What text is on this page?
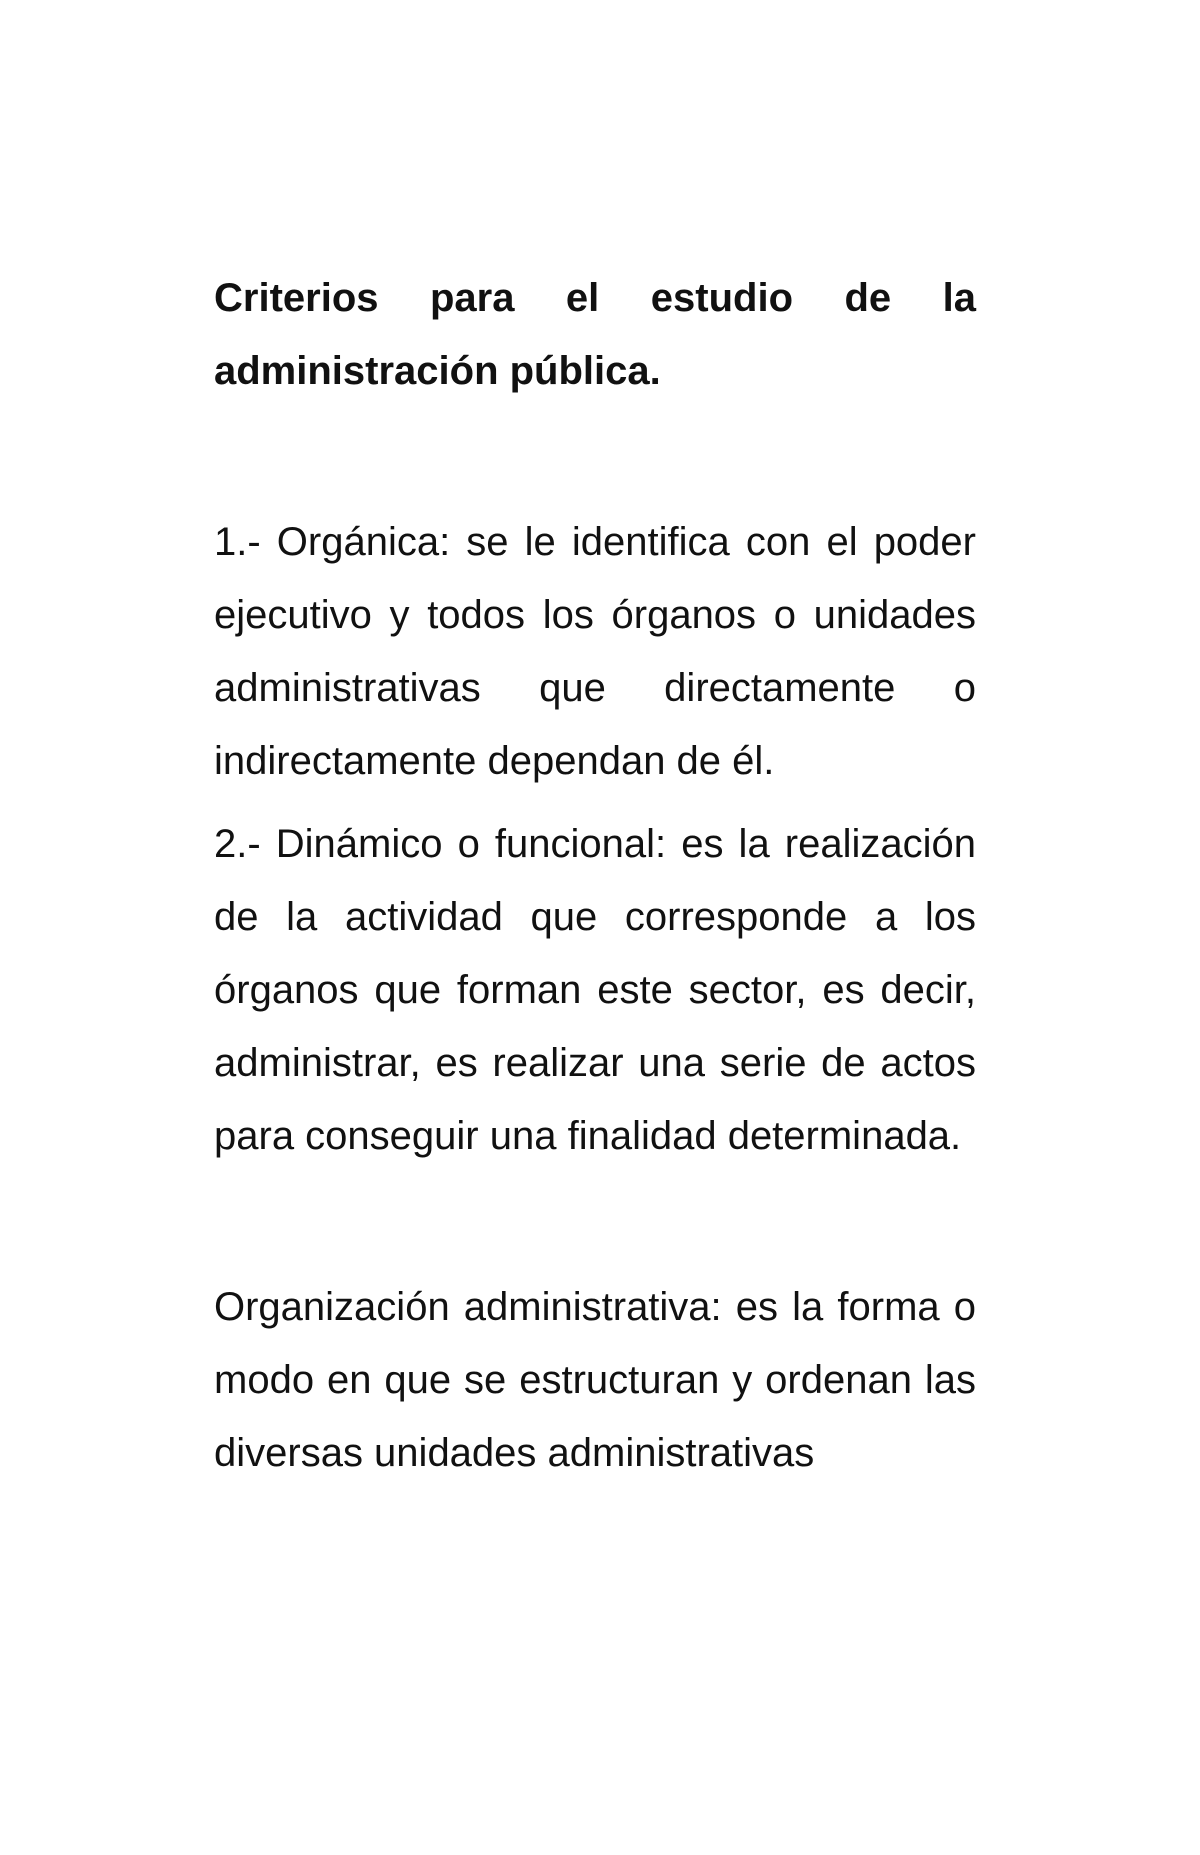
Criterios para el estudio de la administración pública.

1.- Orgánica: se le identifica con el poder ejecutivo y todos los órganos o unidades administrativas que directamente o indirectamente dependan de él.

2.- Dinámico o funcional: es la realización de la actividad que corresponde a los órganos que forman este sector, es decir, administrar, es realizar una serie de actos para conseguir una finalidad determinada.

Organización administrativa: es la forma o modo en que se estructuran y ordenan las diversas unidades administrativas
